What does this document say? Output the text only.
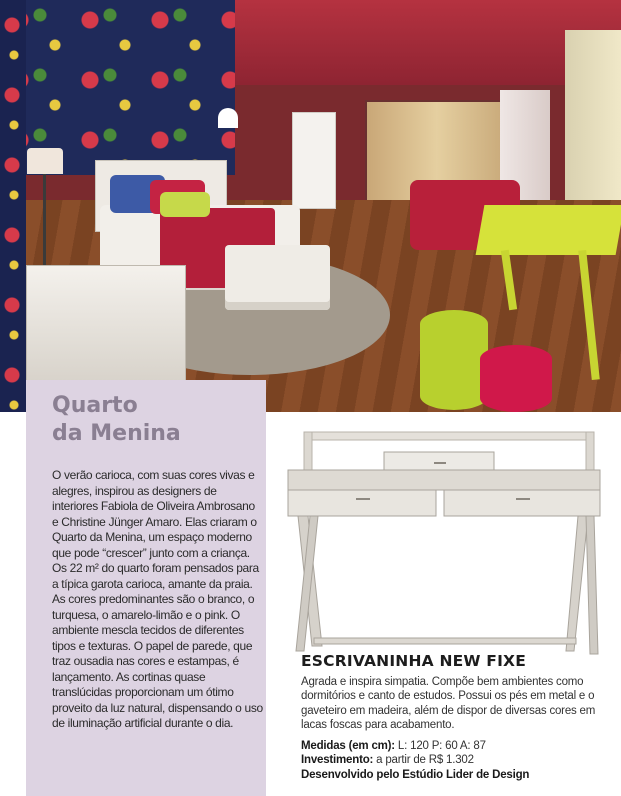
Quarto
da Menina

O verão carioca, com suas cores vivas e alegres, inspirou as designers de interiores Fabiola de Oliveira Ambrosano e Christine Jünger Amaro. Elas criaram o Quarto da Menina, um espaço moderno que pode “crescer” junto com a criança. Os 22 m² do quarto foram pensados para a típica garota carioca, amante da praia. As cores predominantes são o branco, o turquesa, o amarelo-limão e o pink. O ambiente mescla tecidos de diferentes tipos e texturas. O papel de parede, que traz ousadia nas cores e estampas, é lançamento. As cortinas quase translúcidas proporcionam um ótimo proveito da luz natural, dispensando o uso de iluminação artificial durante o dia.

ESCRIVANINHA NEW FIXE

Agrada e inspira simpatia. Compõe bem ambientes como dormitórios e canto de estudos. Possui os pés em metal e o gaveteiro em madeira, além de dispor de diversas cores em lacas foscas para acabamento.

Medidas (em cm): L: 120 P: 60 A: 87

Investimento: a partir de R$ 1.302

Desenvolvido pelo Estúdio Lider de Design
